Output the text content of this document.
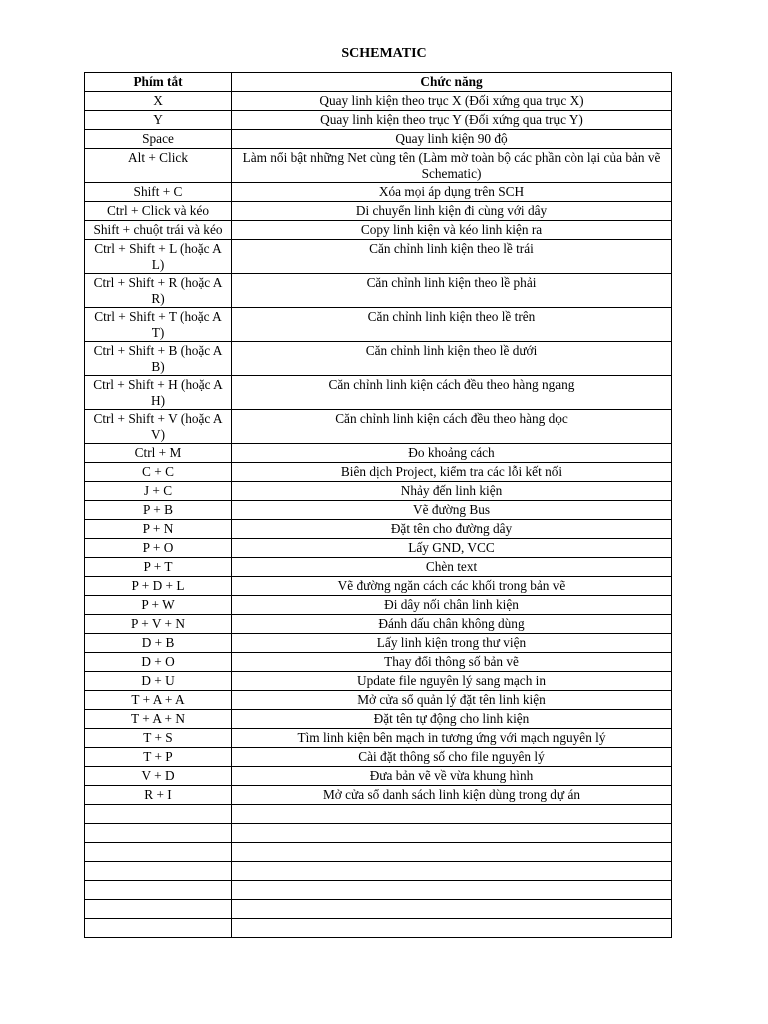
SCHEMATIC
Phím tắt	Chức năng
X	Quay linh kiện theo trục X (Đối xứng qua trục X)
Y	Quay linh kiện theo trục Y (Đối xứng qua trục Y)
Space	Quay linh kiện 90 độ
Alt + Click	Làm nổi bật những Net cùng tên (Làm mờ toàn bộ các phần còn lại của bản vẽ Schematic)
Shift + C	Xóa mọi áp dụng trên SCH
Ctrl + Click và kéo	Di chuyển linh kiện đi cùng với dây
Shift + chuột trái và kéo	Copy linh kiện và kéo linh kiện ra
Ctrl + Shift + L (hoặc A L)	Căn chỉnh linh kiện theo lề trái
Ctrl + Shift + R (hoặc A R)	Căn chỉnh linh kiện theo lề phải
Ctrl + Shift + T (hoặc A T)	Căn chỉnh linh kiện theo lề trên
Ctrl + Shift + B (hoặc A B)	Căn chỉnh linh kiện theo lề dưới
Ctrl + Shift + H (hoặc A H)	Căn chỉnh linh kiện cách đều theo hàng ngang
Ctrl + Shift + V (hoặc A V)	Căn chỉnh linh kiện cách đều theo hàng dọc
Ctrl + M	Đo khoảng cách
C + C	Biên dịch Project, kiểm tra các lỗi kết nối
J + C	Nhảy đến linh kiện
P + B	Vẽ đường Bus
P + N	Đặt tên cho đường dây
P + O	Lấy GND, VCC
P + T	Chèn text
P + D + L	Vẽ đường ngăn cách các khối trong bản vẽ
P + W	Đi dây nối chân linh kiện
P + V + N	Đánh dấu chân không dùng
D + B	Lấy linh kiện trong thư viện
D + O	Thay đổi thông số bản vẽ
D + U	Update file nguyên lý sang mạch in
T + A + A	Mở cửa sổ quản lý đặt tên linh kiện
T + A + N	Đặt tên tự động cho linh kiện
T + S	Tìm linh kiện bên mạch in tương ứng với mạch nguyên lý
T + P	Cài đặt thông số cho file nguyên lý
V + D	Đưa bản vẽ về vừa khung hình
R + I	Mở cửa sổ danh sách linh kiện dùng trong dự án
